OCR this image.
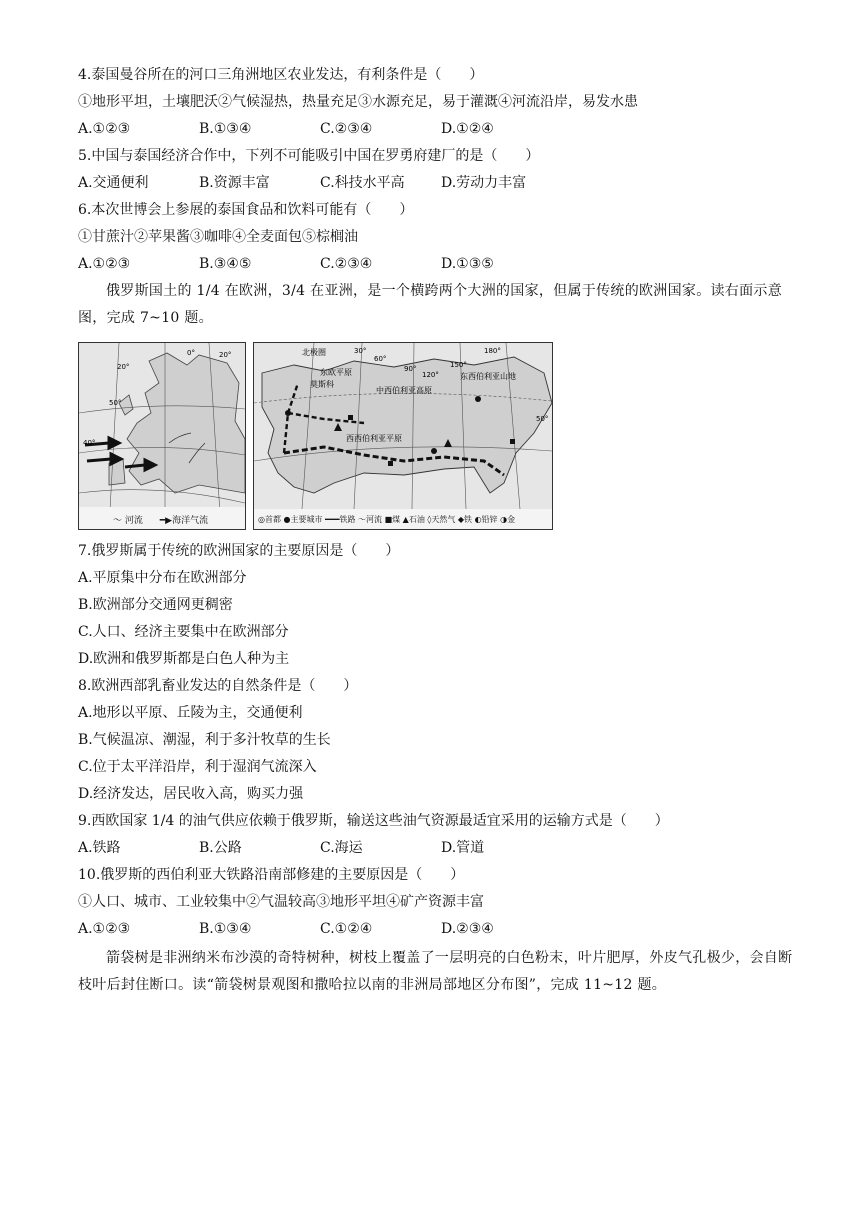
4.泰国曼谷所在的河口三角洲地区农业发达，有利条件是（　　）
①地形平坦，土壤肥沃②气候湿热，热量充足③水源充足，易于灌溉④河流沿岸，易发水患
A.①②③	B.①③④	C.②③④	D.①②④
5.中国与泰国经济合作中，下列不可能吸引中国在罗勇府建厂的是（　　）
A.交通便利	B.资源丰富	C.科技水平高	D.劳动力丰富
6.本次世博会上参展的泰国食品和饮料可能有（　　）
①甘蔗汁②苹果酱③咖啡④全麦面包⑤棕榈油
A.①②③	B.③④⑤	C.②③④	D.①③⑤
俄罗斯国土的 1/4 在欧洲，3/4 在亚洲，是一个横跨两个大洲的国家，但属于传统的欧洲国家。读右面示意图，完成 7~10 题。
20°
0°	20°
50°
40°
～ 河流 ━▶海洋气流
30°
60°
90°
120°
150°
180°
50°
北极圈
东欧平原
莫斯科
中西伯利亚高原
东西伯利亚山地
西西伯利亚平原
◎首都 ●主要城市 ━━━铁路 ～河流 ■煤 ▲石油 ◊天然气 ◆铁 ◐铅锌 ◑金
7.俄罗斯属于传统的欧洲国家的主要原因是（　　）
A.平原集中分布在欧洲部分
B.欧洲部分交通网更稠密
C.人口、经济主要集中在欧洲部分
D.欧洲和俄罗斯都是白色人种为主
8.欧洲西部乳畜业发达的自然条件是（　　）
A.地形以平原、丘陵为主，交通便利
B.气候温凉、潮湿，利于多汁牧草的生长
C.位于太平洋沿岸，利于湿润气流深入
D.经济发达，居民收入高，购买力强
9.西欧国家 1/4 的油气供应依赖于俄罗斯，输送这些油气资源最适宜采用的运输方式是（　　）
A.铁路	B.公路	C.海运	D.管道
10.俄罗斯的西伯利亚大铁路沿南部修建的主要原因是（　　）
①人口、城市、工业较集中②气温较高③地形平坦④矿产资源丰富
A.①②③	B.①③④	C.①②④	D.②③④
箭袋树是非洲纳米布沙漠的奇特树种，树枝上覆盖了一层明亮的白色粉末，叶片肥厚，外皮气孔极少，会自断枝叶后封住断口。读“箭袋树景观图和撒哈拉以南的非洲局部地区分布图”，完成 11~12 题。
